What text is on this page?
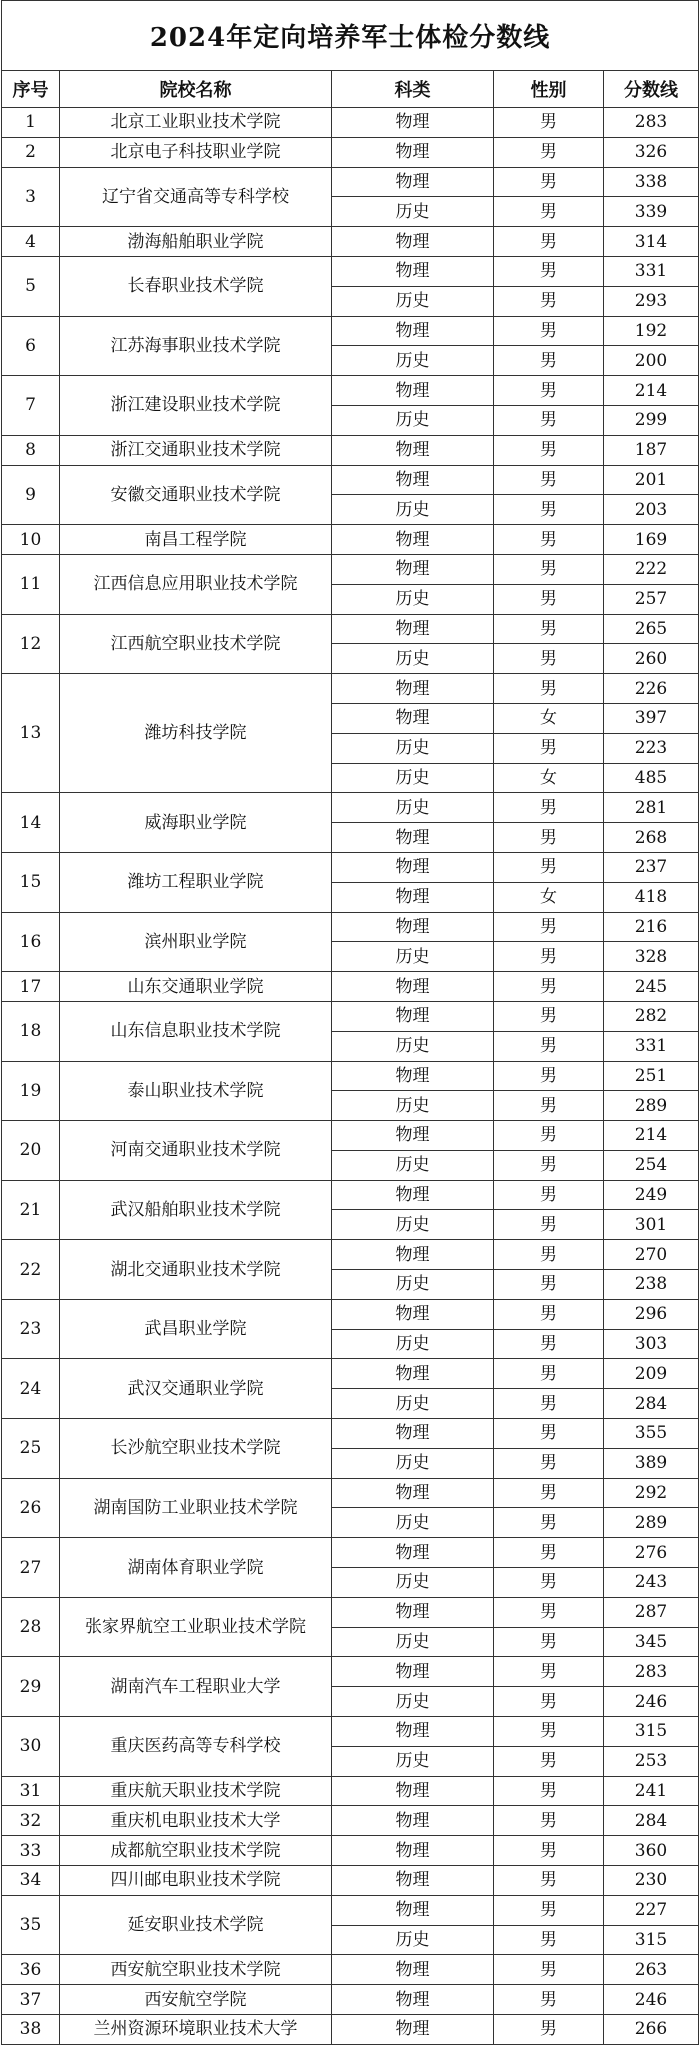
2024年定向培养军士体检分数线				
序号	院校名称	科类	性别	分数线
1	北京工业职业技术学院	物理	男	283
2	北京电子科技职业学院	物理	男	326
3	辽宁省交通高等专科学校	物理	男	338
		历史	男	339
4	渤海船舶职业学院	物理	男	314
5	长春职业技术学院	物理	男	331
		历史	男	293
6	江苏海事职业技术学院	物理	男	192
		历史	男	200
7	浙江建设职业技术学院	物理	男	214
		历史	男	299
8	浙江交通职业技术学院	物理	男	187
9	安徽交通职业技术学院	物理	男	201
		历史	男	203
10	南昌工程学院	物理	男	169
11	江西信息应用职业技术学院	物理	男	222
		历史	男	257
12	江西航空职业技术学院	物理	男	265
		历史	男	260
13	潍坊科技学院	物理	男	226
		物理	女	397
		历史	男	223
		历史	女	485
14	威海职业学院	历史	男	281
		物理	男	268
15	潍坊工程职业学院	物理	男	237
		物理	女	418
16	滨州职业学院	物理	男	216
		历史	男	328
17	山东交通职业学院	物理	男	245
18	山东信息职业技术学院	物理	男	282
		历史	男	331
19	泰山职业技术学院	物理	男	251
		历史	男	289
20	河南交通职业技术学院	物理	男	214
		历史	男	254
21	武汉船舶职业技术学院	物理	男	249
		历史	男	301
22	湖北交通职业技术学院	物理	男	270
		历史	男	238
23	武昌职业学院	物理	男	296
		历史	男	303
24	武汉交通职业学院	物理	男	209
		历史	男	284
25	长沙航空职业技术学院	物理	男	355
		历史	男	389
26	湖南国防工业职业技术学院	物理	男	292
		历史	男	289
27	湖南体育职业学院	物理	男	276
		历史	男	243
28	张家界航空工业职业技术学院	物理	男	287
		历史	男	345
29	湖南汽车工程职业大学	物理	男	283
		历史	男	246
30	重庆医药高等专科学校	物理	男	315
		历史	男	253
31	重庆航天职业技术学院	物理	男	241
32	重庆机电职业技术大学	物理	男	284
33	成都航空职业技术学院	物理	男	360
34	四川邮电职业技术学院	物理	男	230
35	延安职业技术学院	物理	男	227
		历史	男	315
36	西安航空职业技术学院	物理	男	263
37	西安航空学院	物理	男	246
38	兰州资源环境职业技术大学	物理	男	266
